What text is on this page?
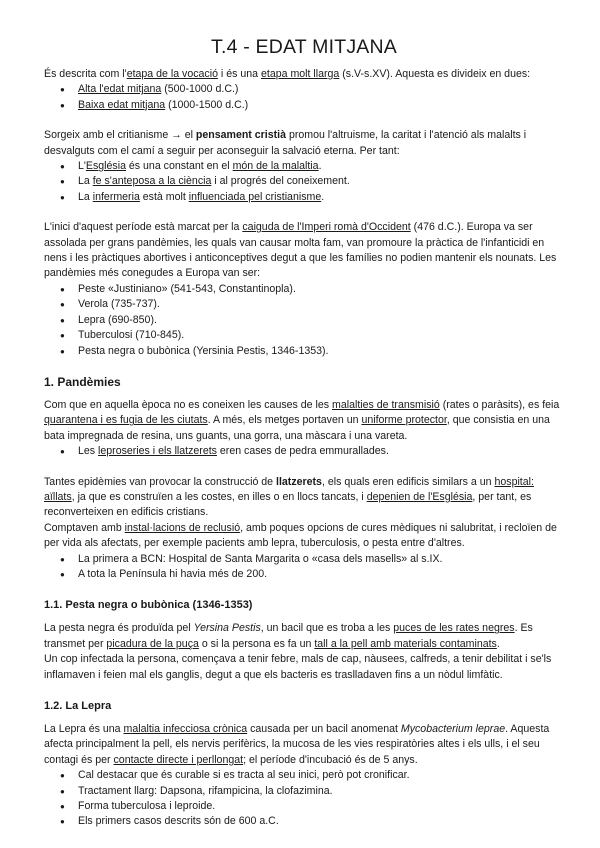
T.4 - EDAT MITJANA

És descrita com l'etapa de la vocació i és una etapa molt llarga (s.V-s.XV). Aquesta es divideix en dues:

● Alta l'edat mitjana (500-1000 d.C.)
● Baixa edat mitjana (1000-1500 d.C.)

Sorgeix amb el critianisme → el pensament cristià promou l'altruisme, la caritat i l'atenció als malalts i desvalguts com el camí a seguir per aconseguir la salvació eterna. Per tant:

● L'Església és una constant en el món de la malaltia.
● La fe s'anteposa a la ciència i al progrés del coneixement.
● La infermeria està molt influenciada pel cristianisme.

L'inici d'aquest període està marcat per la caiguda de l'Imperi romà d'Occident (476 d.C.). Europa va ser assolada per grans pandèmies, les quals van causar molta fam, van promoure la pràctica de l'infanticidi en nens i les pràctiques abortives i anticonceptives degut a que les famílies no podien mantenir els nounats. Les pandèmies més conegudes a Europa van ser:

● Peste «Justiniano» (541-543, Constantinopla).
● Verola (735-737).
● Lepra (690-850).
● Tuberculosi (710-845).
● Pesta negra o bubònica (Yersinia Pestis, 1346-1353).
1. Pandèmies

Com que en aquella època no es coneixen les causes de les malalties de transmisió (rates o paràsits), es feia quarantena i es fugia de les ciutats. A més, els metges portaven un uniforme protector, que consistia en una bata impregnada de resina, uns guants, una gorra, una màscara i una vareta.

● Les leproseries i els llatzerets eren cases de pedra emmurallades.

Tantes epidèmies van provocar la construcció de llatzerets, els quals eren edificis similars a un hospital: aïllats, ja que es construïen a les costes, en illes o en llocs tancats, i depenien de l'Església, per tant, es reconverteixen en edificis cristians.

Comptaven amb instal·lacions de reclusió, amb poques opcions de cures mèdiques ni salubritat, i recloïen de per vida als afectats, per exemple pacients amb lepra, tuberculosis, o pesta entre d'altres.

● La primera a BCN: Hospital de Santa Margarita o «casa dels masells» al s.IX.
● A tota la Península hi havia més de 200.
1.1. Pesta negra o bubònica (1346-1353)

La pesta negra és produïda pel Yersina Pestis, un bacil que es troba a les puces de les rates negres. Es transmet per picadura de la puça o si la persona es fa un tall a la pell amb materials contaminats.

Un cop infectada la persona, començava a tenir febre, mals de cap, nàusees, calfreds, a tenir debilitat i se'ls inflamaven i feien mal els ganglis, degut a que els bacteris es traslladaven fins a un nòdul limfàtic.

1.2. La Lepra

La Lepra és una malaltia infecciosa crònica causada per un bacil anomenat Mycobacterium leprae. Aquesta afecta principalment la pell, els nervis perifèrics, la mucosa de les vies respiratòries altes i els ulls, i el seu contagi és per contacte directe i perllongat; el període d'incubació és de 5 anys.

● Cal destacar que és curable si es tracta al seu inici, però pot cronificar.
● Tractament llarg: Dapsona, rifampicina, la clofazimina.
● Forma tuberculosa i leproide.
● Els primers casos descrits són de 600 a.C.
